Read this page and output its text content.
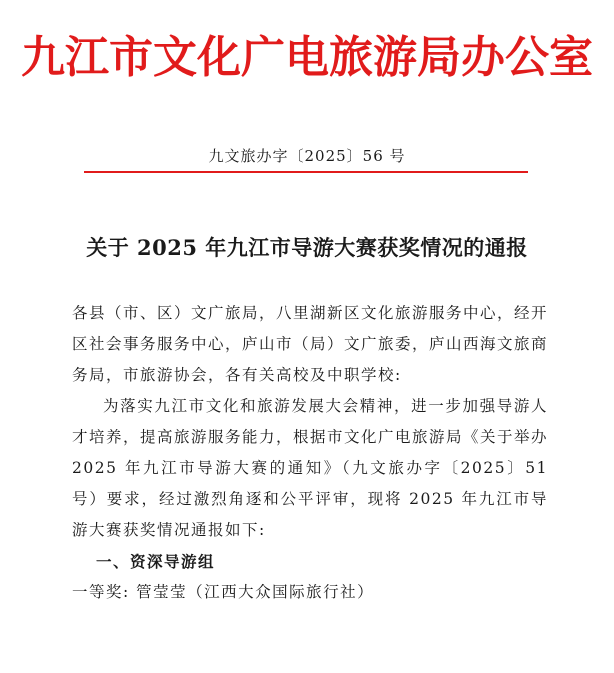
九江市文化广电旅游局办公室
九文旅办字〔2025〕56 号
关于 2025 年九江市导游大赛获奖情况的通报

各县（市、区）文广旅局，八里湖新区文化旅游服务中心，经开区社会事务服务中心，庐山市（局）文广旅委，庐山西海文旅商务局，市旅游协会，各有关高校及中职学校:

为落实九江市文化和旅游发展大会精神，进一步加强导游人才培养，提高旅游服务能力，根据市文化广电旅游局《关于举办 2025 年九江市导游大赛的通知》（九文旅办字〔2025〕51 号）要求，经过激烈角逐和公平评审，现将 2025 年九江市导游大赛获奖情况通报如下:

一、资深导游组

一等奖: 管莹莹（江西大众国际旅行社）
